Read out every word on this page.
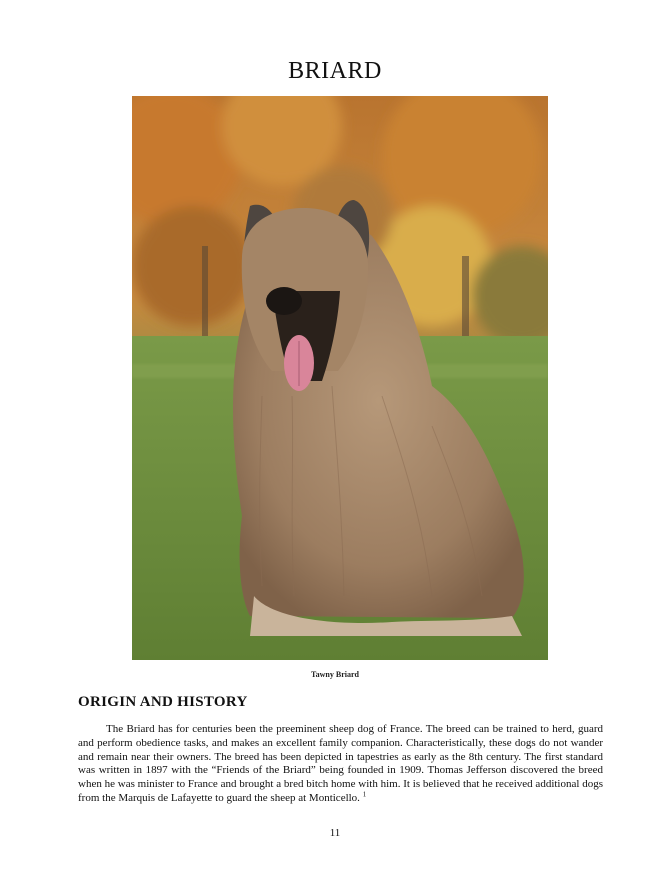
BRIARD
Tawny Briard
ORIGIN AND HISTORY

The Briard has for centuries been the preeminent sheep dog of France. The breed can be trained to herd, guard and perform obedience tasks, and makes an excellent family companion. Characteristically, these dogs do not wander and remain near their owners. The breed has been depicted in tapestries as early as the 8th century. The first standard was written in 1897 with the “Friends of the Briard” being founded in 1909. Thomas Jefferson discovered the breed when he was minister to France and brought a bred bitch home with him. It is believed that he received additional dogs from the Marquis de Lafayette to guard the sheep at Monticello. $^1$

11
